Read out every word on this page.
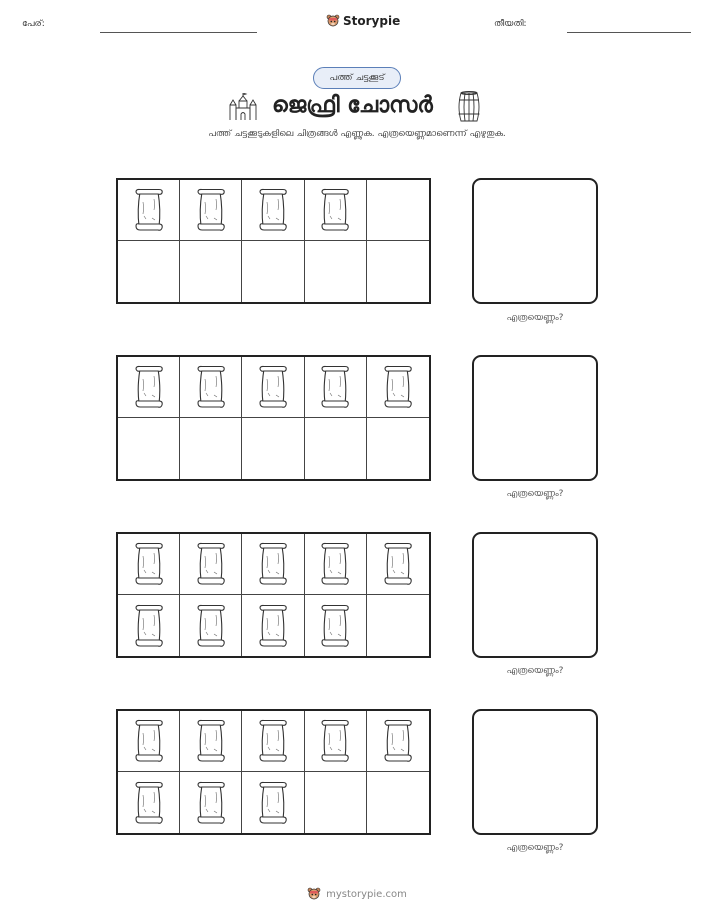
പേര്:	Storypie	തീയതി:
പത്ത് ചട്ടക്കൂട്
ജെഫ്രി ചോസർ
പത്ത് ചട്ടക്കൂടുകളിലെ ചിത്രങ്ങൾ എണ്ണുക. എത്രയെണ്ണമാണെന്ന് എഴുതുക.
എത്രയെണ്ണം?
എത്രയെണ്ണം?
എത്രയെണ്ണം?
എത്രയെണ്ണം?
mystorypie.com
